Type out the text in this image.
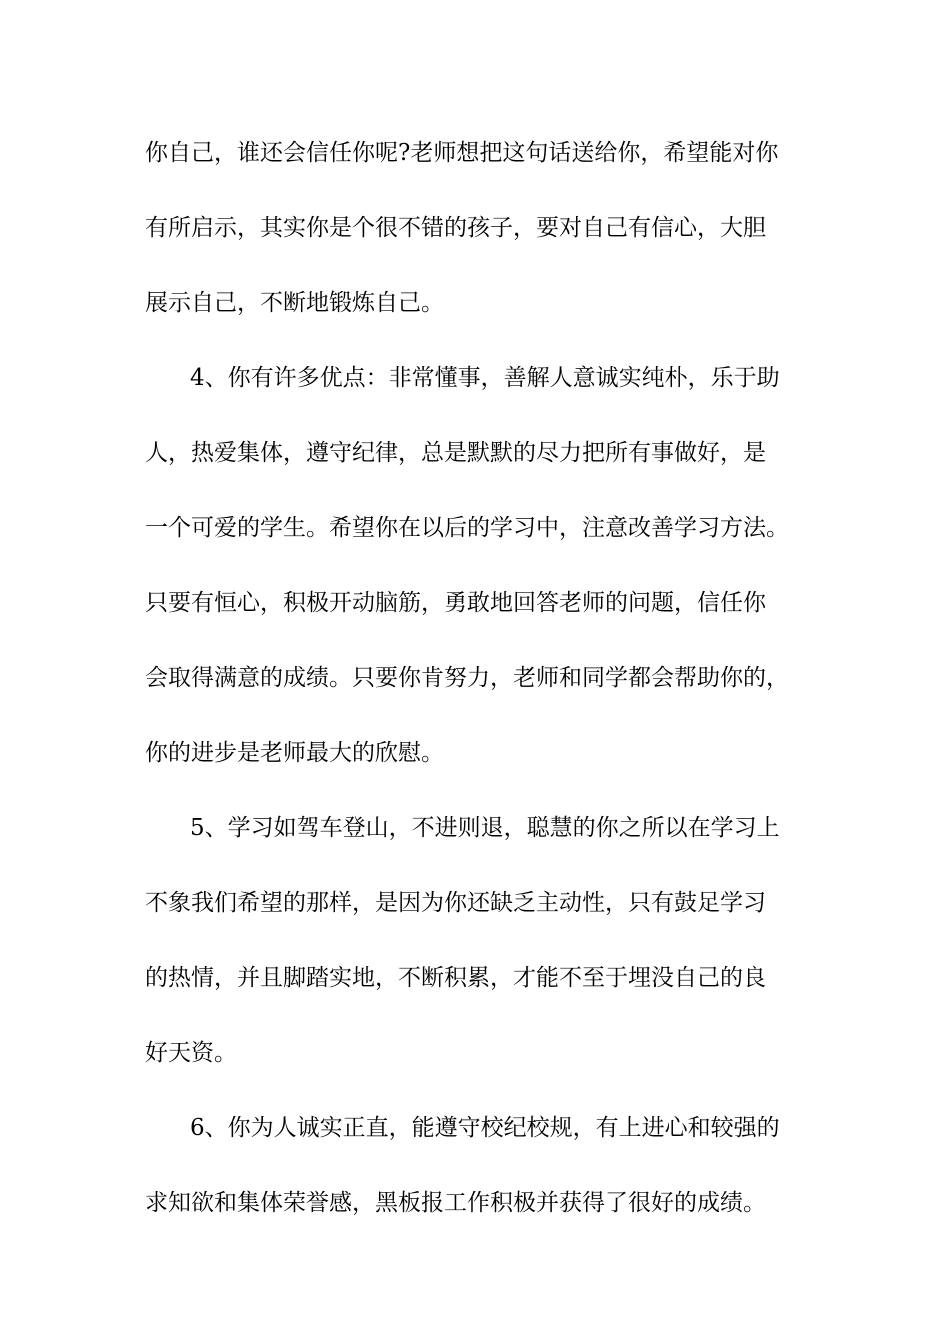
你自己，谁还会信任你呢?老师想把这句话送给你，希望能对你
有所启示，其实你是个很不错的孩子，要对自己有信心，大胆
展示自己，不断地锻炼自己。
4、你有许多优点：非常懂事，善解人意诚实纯朴，乐于助
人，热爱集体，遵守纪律，总是默默的尽力把所有事做好，是
一个可爱的学生。希望你在以后的学习中，注意改善学习方法。
只要有恒心，积极开动脑筋，勇敢地回答老师的问题，信任你
会取得满意的成绩。只要你肯努力，老师和同学都会帮助你的，
你的进步是老师最大的欣慰。
5、学习如驾车登山，不进则退，聪慧的你之所以在学习上
不象我们希望的那样，是因为你还缺乏主动性，只有鼓足学习
的热情，并且脚踏实地，不断积累，才能不至于埋没自己的良
好天资。
6、你为人诚实正直，能遵守校纪校规，有上进心和较强的
求知欲和集体荣誉感，黑板报工作积极并获得了很好的成绩。
